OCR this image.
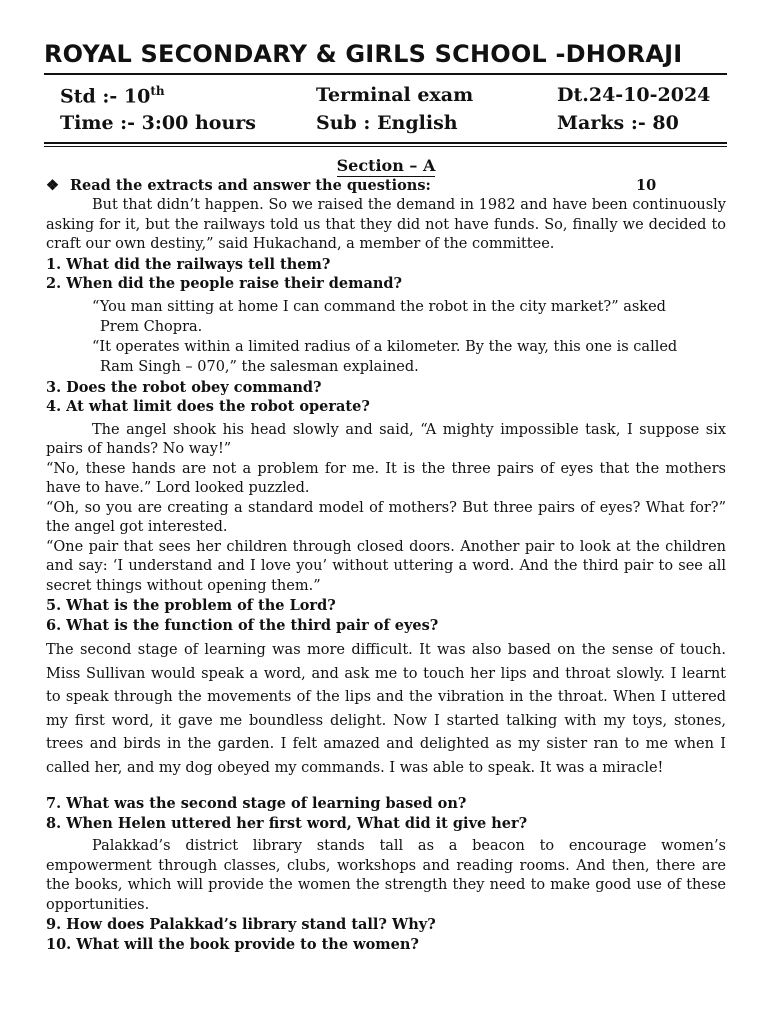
ROYAL SECONDARY & GIRLS SCHOOL -DHORAJI
Std :- 10th	Terminal exam	Dt.24-10-2024
Time :- 3:00 hours	Sub : English	Marks :- 80
Section – A
❖ Read the extracts and answer the questions:	10

But that didn’t happen. So we raised the demand in 1982 and have been continuously asking for it, but the railways told us that they did not have funds. So, finally we decided to craft our own destiny,” said Hukachand, a member of the committee.

1. What did the railways tell them?
2. When did the people raise their demand?

“You man sitting at home I can command the robot in the city market?” asked
Prem Chopra.

“It operates within a limited radius of a kilometer. By the way, this one is called
Ram Singh – 070,” the salesman explained.

3. Does the robot obey command?
4. At what limit does the robot operate?

The angel shook his head slowly and said, “A mighty impossible task, I suppose six pairs of hands? No way!”

“No, these hands are not a problem for me. It is the three pairs of eyes that the mothers have to have.” Lord looked puzzled.

“Oh, so you are creating a standard model of mothers? But three pairs of eyes? What for?” the angel got interested.

“One pair that sees her children through closed doors. Another pair to look at the children and say: ‘I understand and I love you’ without uttering a word. And the third pair to see all secret things without opening them.”

5. What is the problem of the Lord?
6. What is the function of the third pair of eyes?

The second stage of learning was more difficult. It was also based on the sense of touch. Miss Sullivan would speak a word, and ask me to touch her lips and throat slowly. I learnt to speak through the movements of the lips and the vibration in the throat. When I uttered my first word, it gave me boundless delight. Now I started talking with my toys, stones, trees and birds in the garden. I felt amazed and delighted as my sister ran to me when I called her, and my dog obeyed my commands. I was able to speak. It was a miracle!

7. What was the second stage of learning based on?
8. When Helen uttered her first word, What did it give her?

Palakkad’s district library stands tall as a beacon to encourage women’s empowerment through classes, clubs, workshops and reading rooms. And then, there are the books, which will provide the women the strength they need to make good use of these opportunities.

9. How does Palakkad’s library stand tall? Why?
10. What will the book provide to the women?
